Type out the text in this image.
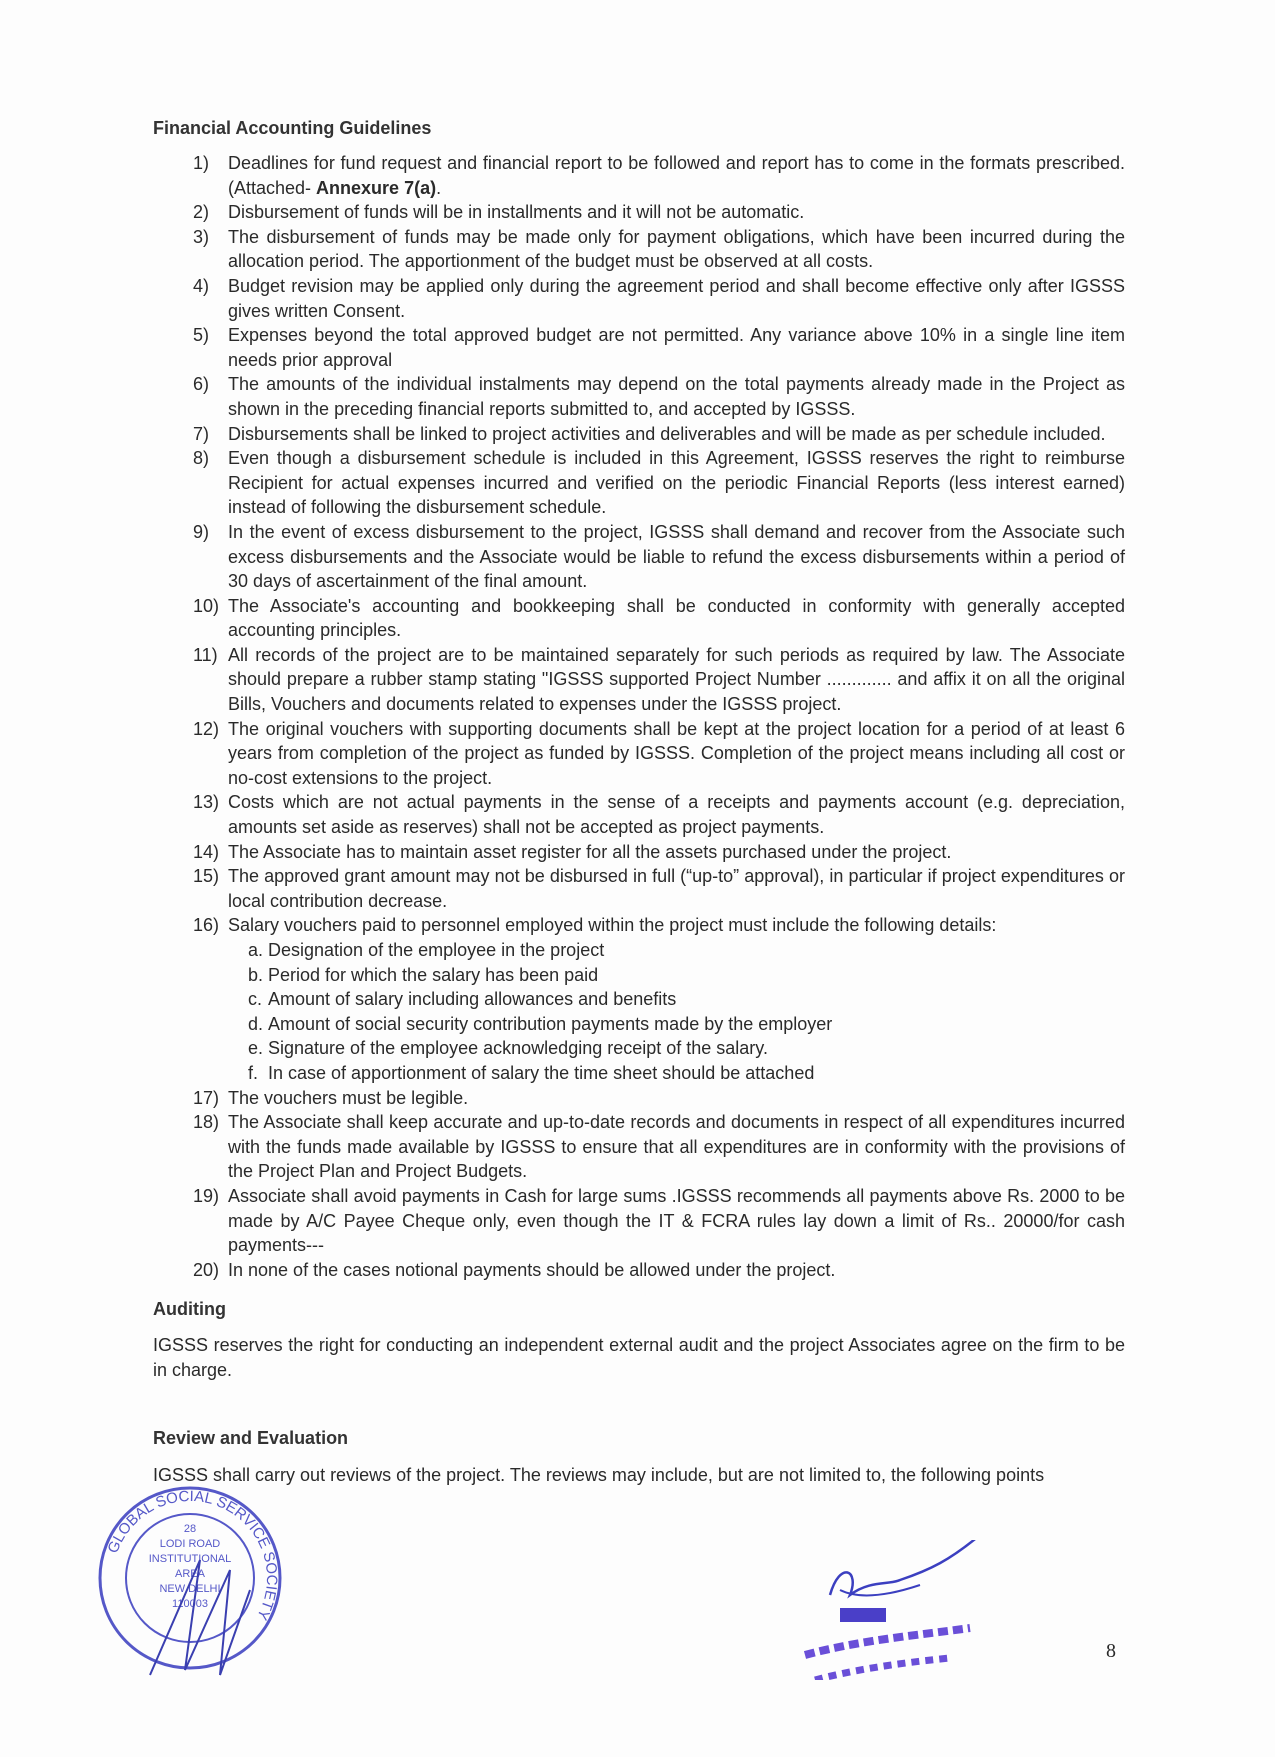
Financial Accounting Guidelines
1)	Deadlines for fund request and financial report to be followed and report has to come in the formats prescribed. (Attached- Annexure 7(a).
2)	Disbursement of funds will be in installments and it will not be automatic.
3)	The disbursement of funds may be made only for payment obligations, which have been incurred during the allocation period. The apportionment of the budget must be observed at all costs.
4)	Budget revision may be applied only during the agreement period and shall become effective only after IGSSS gives written Consent.
5)	Expenses beyond the total approved budget are not permitted. Any variance above 10% in a single line item needs prior approval
6)	The amounts of the individual instalments may depend on the total payments already made in the Project as shown in the preceding financial reports submitted to, and accepted by IGSSS.
7)	Disbursements shall be linked to project activities and deliverables and will be made as per schedule included.
8)	Even though a disbursement schedule is included in this Agreement, IGSSS reserves the right to reimburse Recipient for actual expenses incurred and verified on the periodic Financial Reports (less interest earned) instead of following the disbursement schedule.
9)	In the event of excess disbursement to the project, IGSSS shall demand and recover from the Associate such excess disbursements and the Associate would be liable to refund the excess disbursements within a period of 30 days of ascertainment of the final amount.
10) The Associate's accounting and bookkeeping shall be conducted in conformity with generally accepted accounting principles.
11) All records of the project are to be maintained separately for such periods as required by law. The Associate should prepare a rubber stamp stating "IGSSS supported Project Number ............. and affix it on all the original Bills, Vouchers and documents related to expenses under the IGSSS project.
12) The original vouchers with supporting documents shall be kept at the project location for a period of at least 6 years from completion of the project as funded by IGSSS. Completion of the project means including all cost or no-cost extensions to the project.
13) Costs which are not actual payments in the sense of a receipts and payments account (e.g. depreciation, amounts set aside as reserves) shall not be accepted as project payments.
14) The Associate has to maintain asset register for all the assets purchased under the project.
15) The approved grant amount may not be disbursed in full (“up-to” approval), in particular if project expenditures or local contribution decrease.
16) Salary vouchers paid to personnel employed within the project must include the following details:
a. Designation of the employee in the project
b. Period for which the salary has been paid
c. Amount of salary including allowances and benefits
d. Amount of social security contribution payments made by the employer
e. Signature of the employee acknowledging receipt of the salary.
f. In case of apportionment of salary the time sheet should be attached
17) The vouchers must be legible.
18) The Associate shall keep accurate and up-to-date records and documents in respect of all expenditures incurred with the funds made available by IGSSS to ensure that all expenditures are in conformity with the provisions of the Project Plan and Project Budgets.
19) Associate shall avoid payments in Cash for large sums .IGSSS recommends all payments above Rs. 2000 to be made by A/C Payee Cheque only, even though the IT & FCRA rules lay down a limit of Rs.. 20000/for cash payments---
20) In none of the cases notional payments should be allowed under the project.
Auditing
IGSSS reserves the right for conducting an independent external audit and the project Associates agree on the firm to be in charge.
Review and Evaluation
IGSSS shall carry out reviews of the project. The reviews may include, but are not limited to, the following points
GLOBAL SOCIAL SERVICE SOCIETY
28
LODI ROAD
INSTITUTIONAL
AREA
NEW DELHI
110003
8
